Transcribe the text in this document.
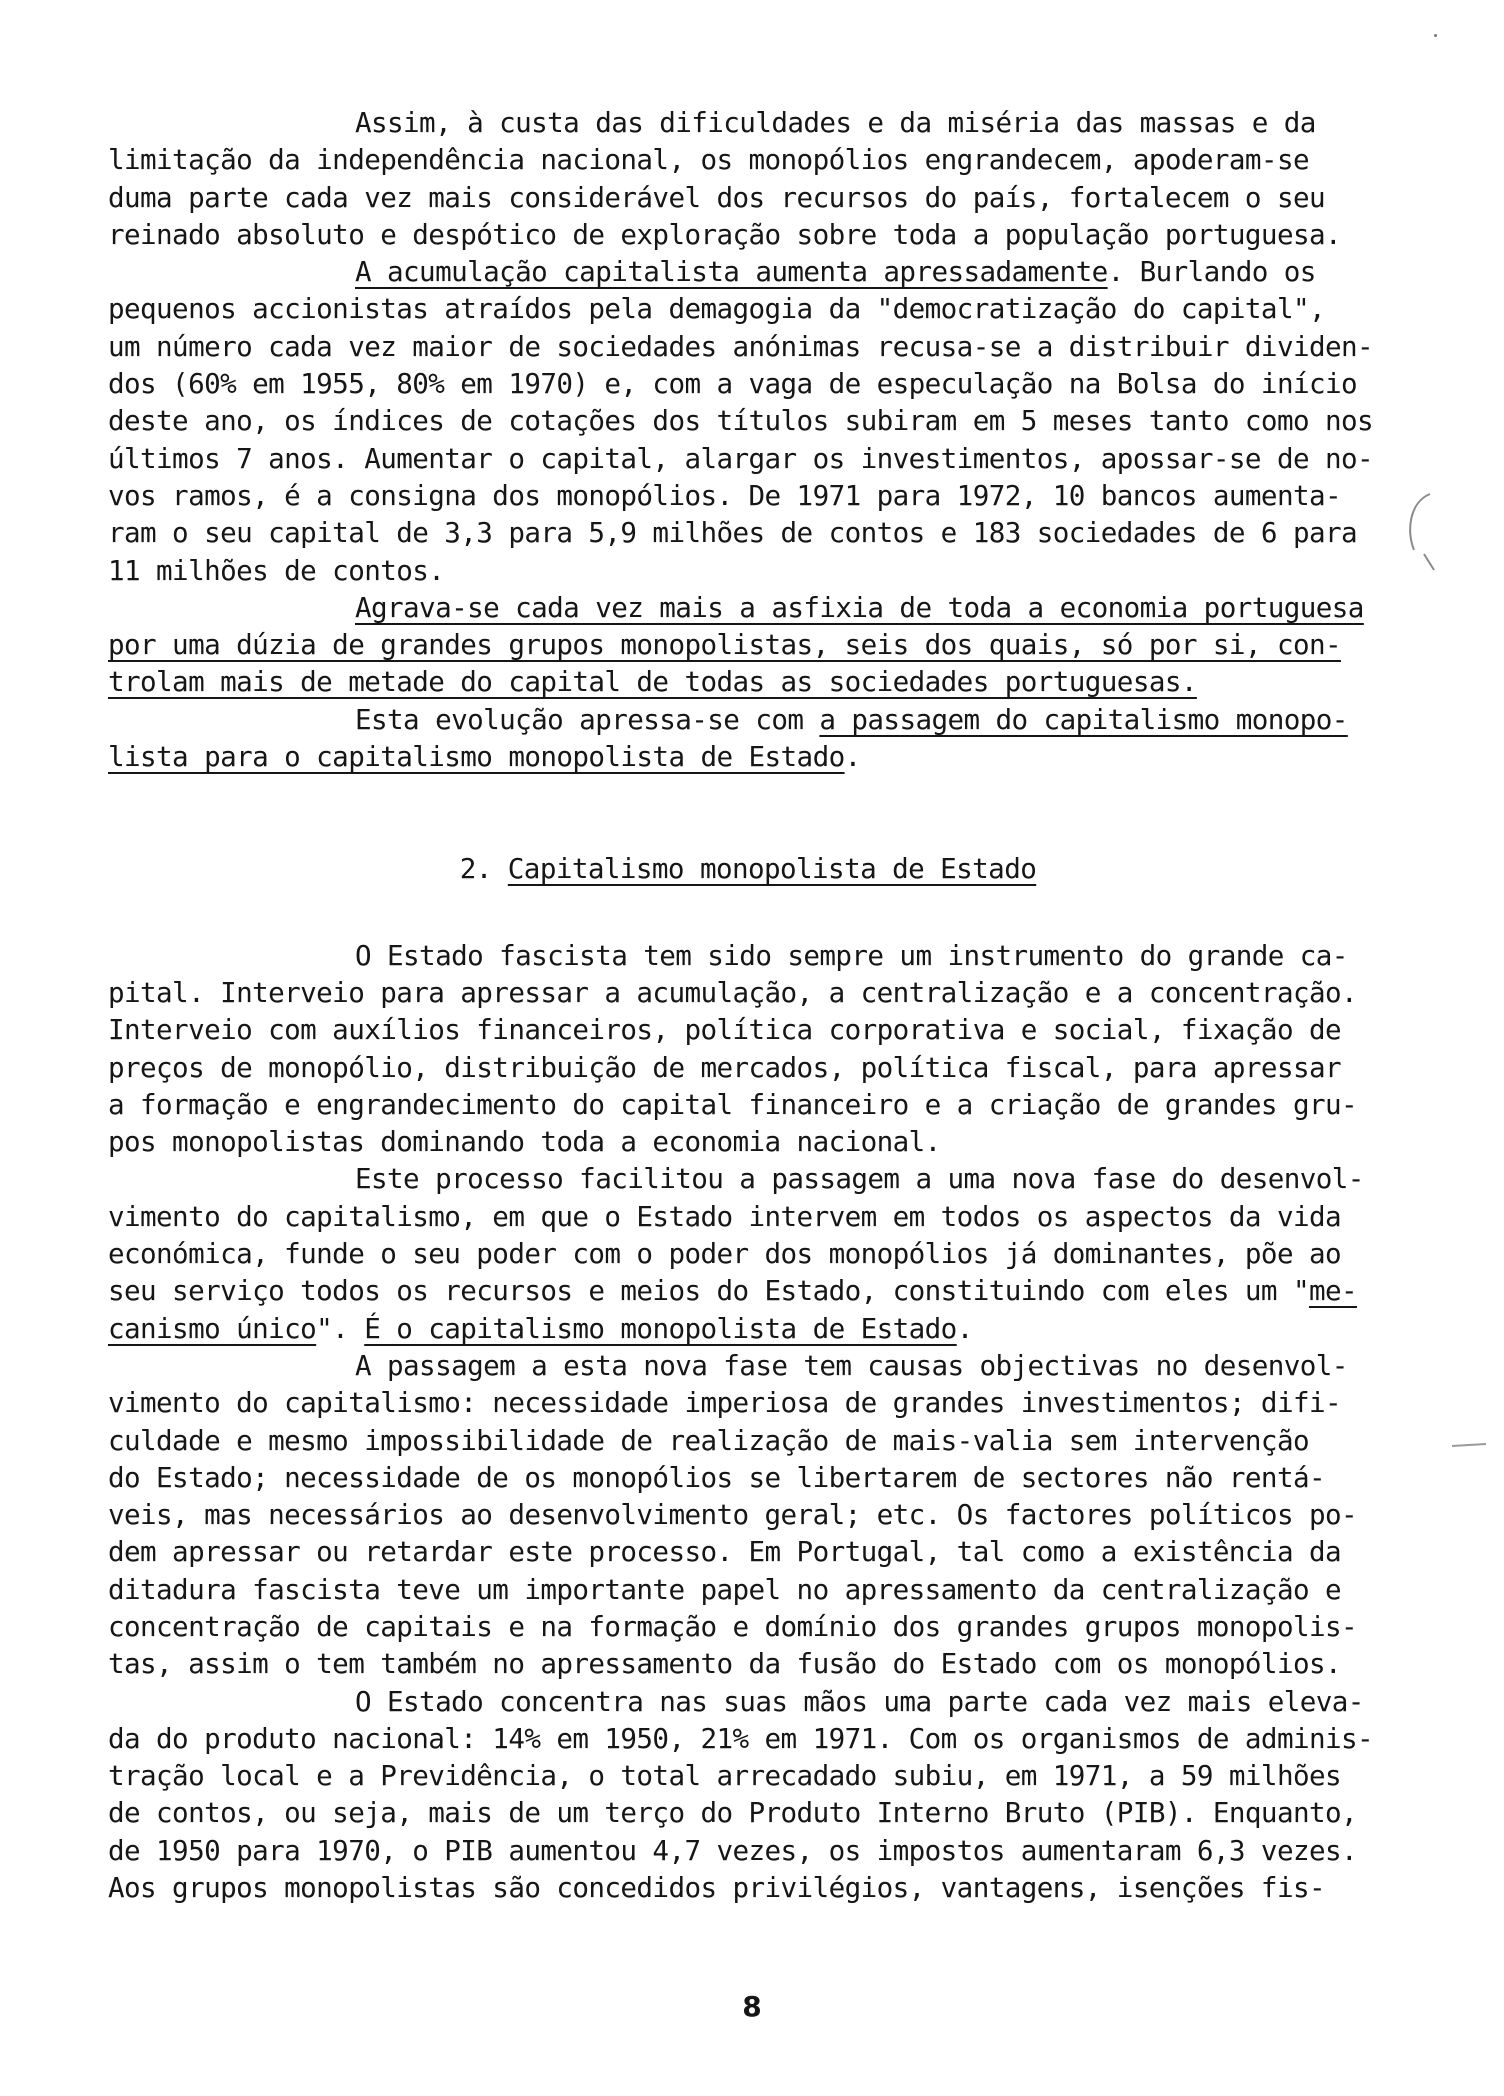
Assim, à custa das dificuldades e da miséria das massas e da
limitação da independência nacional, os monopólios engrandecem, apoderam-se
duma parte cada vez mais considerável dos recursos do país, fortalecem o seu
reinado absoluto e despótico de exploração sobre toda a população portuguesa.
A acumulação capitalista aumenta apressadamente. Burlando os
pequenos accionistas atraídos pela demagogia da "democratização do capital",
um número cada vez maior de sociedades anónimas recusa-se a distribuir dividen-
dos (60% em 1955, 80% em 1970) e, com a vaga de especulação na Bolsa do início
deste ano, os índices de cotações dos títulos subiram em 5 meses tanto como nos
últimos 7 anos. Aumentar o capital, alargar os investimentos, apossar-se de no-
vos ramos, é a consigna dos monopólios. De 1971 para 1972, 10 bancos aumenta-
ram o seu capital de 3,3 para 5,9 milhões de contos e 183 sociedades de 6 para
11 milhões de contos.
Agrava-se cada vez mais a asfixia de toda a economia portuguesa
por uma dúzia de grandes grupos monopolistas, seis dos quais, só por si, con-
trolam mais de metade do capital de todas as sociedades portuguesas.
Esta evolução apressa-se com a passagem do capitalismo monopo-
lista para o capitalismo monopolista de Estado.
2. Capitalismo monopolista de Estado
O Estado fascista tem sido sempre um instrumento do grande ca-
pital. Interveio para apressar a acumulação, a centralização e a concentração.
Interveio com auxílios financeiros, política corporativa e social, fixação de
preços de monopólio, distribuição de mercados, política fiscal, para apressar
a formação e engrandecimento do capital financeiro e a criação de grandes gru-
pos monopolistas dominando toda a economia nacional.
Este processo facilitou a passagem a uma nova fase do desenvol-
vimento do capitalismo, em que o Estado intervem em todos os aspectos da vida
económica, funde o seu poder com o poder dos monopólios já dominantes, põe ao
seu serviço todos os recursos e meios do Estado, constituindo com eles um "me-
canismo único". É o capitalismo monopolista de Estado.
A passagem a esta nova fase tem causas objectivas no desenvol-
vimento do capitalismo: necessidade imperiosa de grandes investimentos; difi-
culdade e mesmo impossibilidade de realização de mais-valia sem intervenção
do Estado; necessidade de os monopólios se libertarem de sectores não rentá-
veis, mas necessários ao desenvolvimento geral; etc. Os factores políticos po-
dem apressar ou retardar este processo. Em Portugal, tal como a existência da
ditadura fascista teve um importante papel no apressamento da centralização e
concentração de capitais e na formação e domínio dos grandes grupos monopolis-
tas, assim o tem também no apressamento da fusão do Estado com os monopólios.
O Estado concentra nas suas mãos uma parte cada vez mais eleva-
da do produto nacional: 14% em 1950, 21% em 1971. Com os organismos de adminis-
tração local e a Previdência, o total arrecadado subiu, em 1971, a 59 milhões
de contos, ou seja, mais de um terço do Produto Interno Bruto (PIB). Enquanto,
de 1950 para 1970, o PIB aumentou 4,7 vezes, os impostos aumentaram 6,3 vezes.
Aos grupos monopolistas são concedidos privilégios, vantagens, isenções fis-
8
